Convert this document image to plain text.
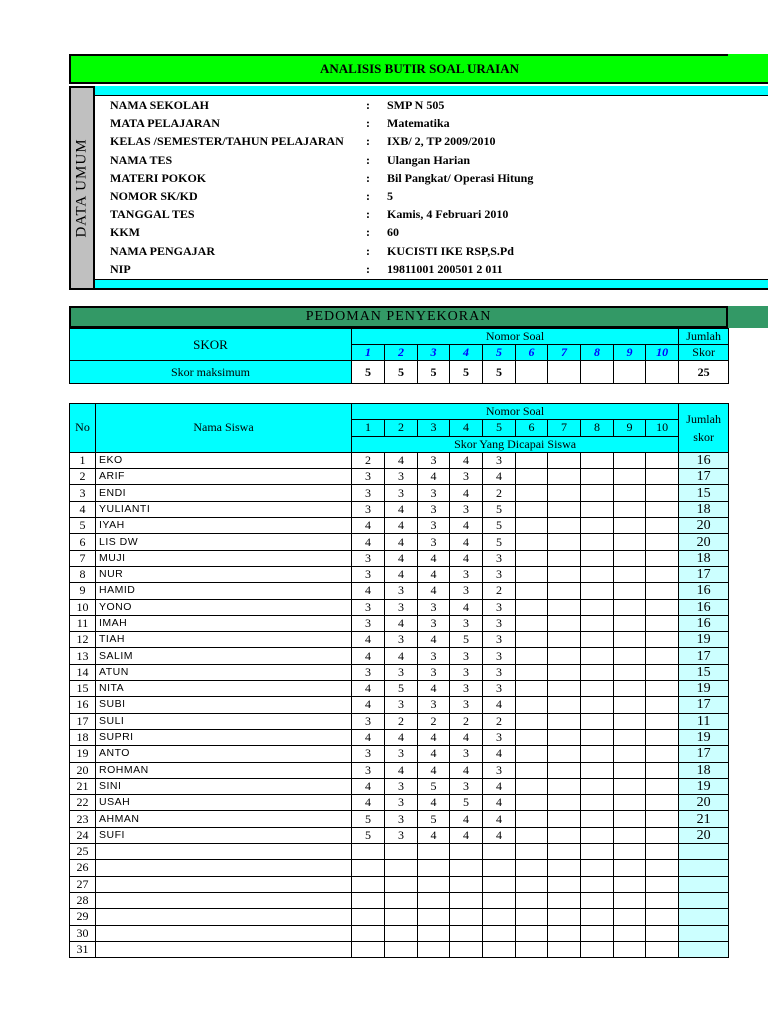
ANALISIS BUTIR SOAL URAIAN
DATA UMUM
NAMA SEKOLAH	: SMP N 505
MATA PELAJARAN	: Matematika
KELAS /SEMESTER/TAHUN PELAJARAN	: IXB/ 2, TP 2009/2010
NAMA TES	: Ulangan Harian
MATERI POKOK	: Bil Pangkat/ Operasi Hitung
NOMOR SK/KD	: 5
TANGGAL TES	: Kamis, 4 Februari 2010
KKM	: 60
NAMA PENGAJAR	: KUCISTI IKE RSP,S.Pd
NIP	: 19811001 200501 2 011
PEDOMAN PENYEKORAN
SKOR	Nomor Soal										Jumlah
	1	2	3	4	5	6	7	8	9	10	Skor
Skor maksimum	5	5	5	5	5						25
No	Nama Siswa	Nomor Soal										Jumlah
skor
		1	2	3	4	5	6	7	8	9	10	
		Skor Yang Dicapai Siswa										
1	EKO	2	4	3	4	3						16
2	ARIF	3	3	4	3	4						17
3	ENDI	3	3	3	4	2						15
4	YULIANTI	3	4	3	3	5						18
5	IYAH	4	4	3	4	5						20
6	LIS DW	4	4	3	4	5						20
7	MUJI	3	4	4	4	3						18
8	NUR	3	4	4	3	3						17
9	HAMID	4	3	4	3	2						16
10	YONO	3	3	3	4	3						16
11	IMAH	3	4	3	3	3						16
12	TIAH	4	3	4	5	3						19
13	SALIM	4	4	3	3	3						17
14	ATUN	3	3	3	3	3						15
15	NITA	4	5	4	3	3						19
16	SUBI	4	3	3	3	4						17
17	SULI	3	2	2	2	2						11
18	SUPRI	4	4	4	4	3						19
19	ANTO	3	3	4	3	4						17
20	ROHMAN	3	4	4	4	3						18
21	SINI	4	3	5	3	4						19
22	USAH	4	3	4	5	4						20
23	AHMAN	5	3	5	4	4						21
24	SUFI	5	3	4	4	4						20
25												
26												
27												
28												
29												
30												
31												
